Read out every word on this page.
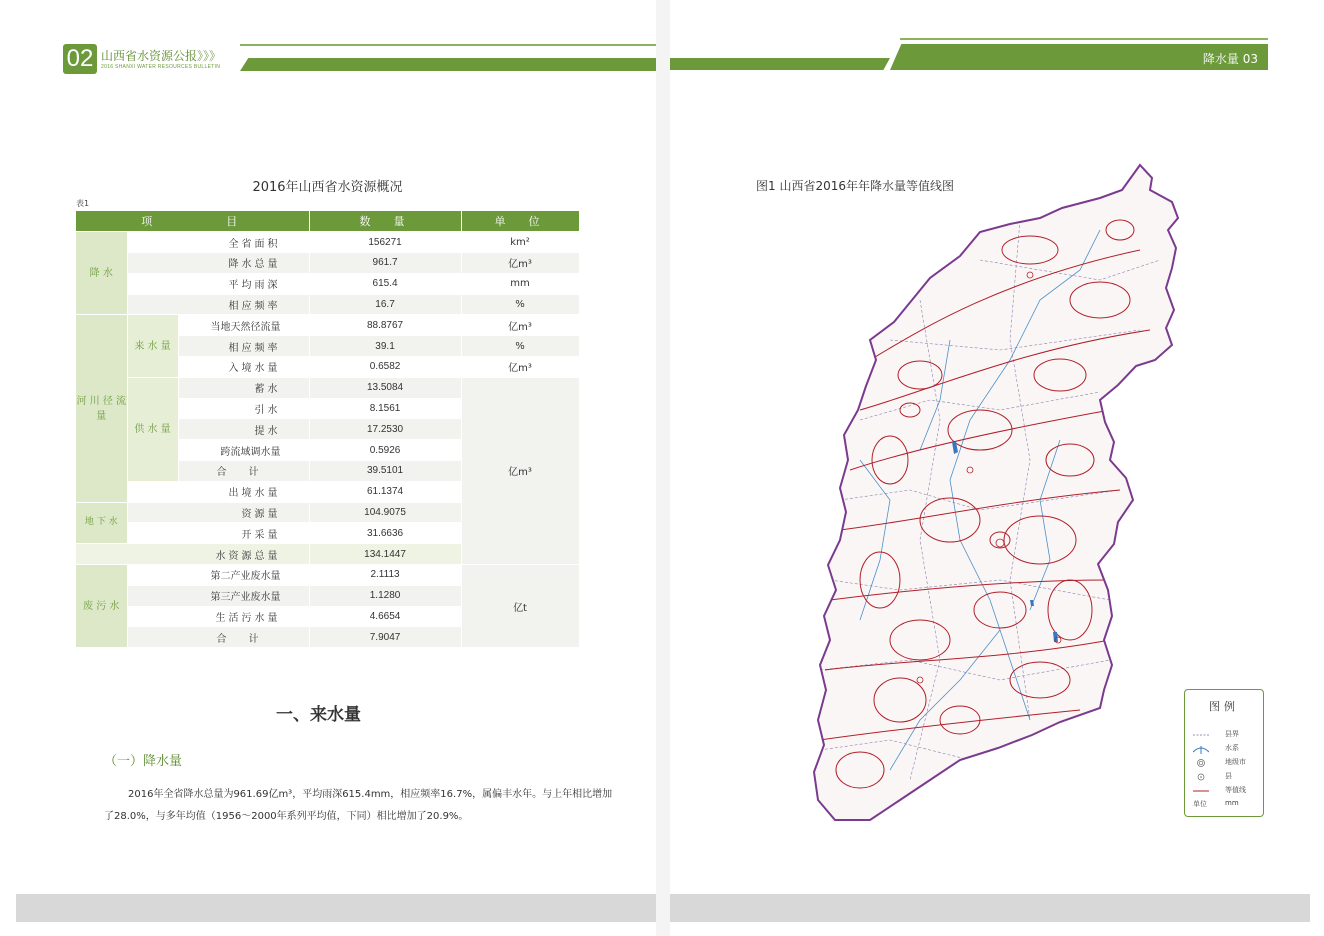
02 山西省水资源公报》》》
2016 SHANXI WATER RESOURCES BULLETIN
降水量 03
2016年山西省水资源概况
表1
项　　　　目			数　量	单　位
降 水	全省面积		156271	km²
	降水总量		961.7	亿m³
	平均雨深		615.4	mm
	相应频率		16.7	%
河 川 径 流 量	来 水 量	当地天然径流量	88.8767	亿m³
		相应频率	39.1	%
		入境水量	0.6582	亿m³
	供 水 量	蓄水	13.5084	亿m³
		引水	8.1561	
		提水	17.2530	
		跨流域调水量	0.5926	
		合计	39.5101	
	出境水量		61.1374	
地 下 水	资源量		104.9075	
	开采量		31.6636	
水资源总量			134.1447	
废 污 水	第二产业废水量		2.1113	亿t
	第三产业废水量		1.1280	
	生活污水量		4.6654	
	合计		7.9047	
一、来水量
（一）降水量
2016年全省降水总量为961.69亿m³，平均雨深615.4mm，相应频率16.7%，属偏丰水年。与上年相比增加了28.0%，与多年均值（1956～2000年系列平均值，下同）相比增加了20.9%。
图1 山西省2016年年降水量等值线图
图例
县界
水系
地级市
县
等值线
单位	mm
